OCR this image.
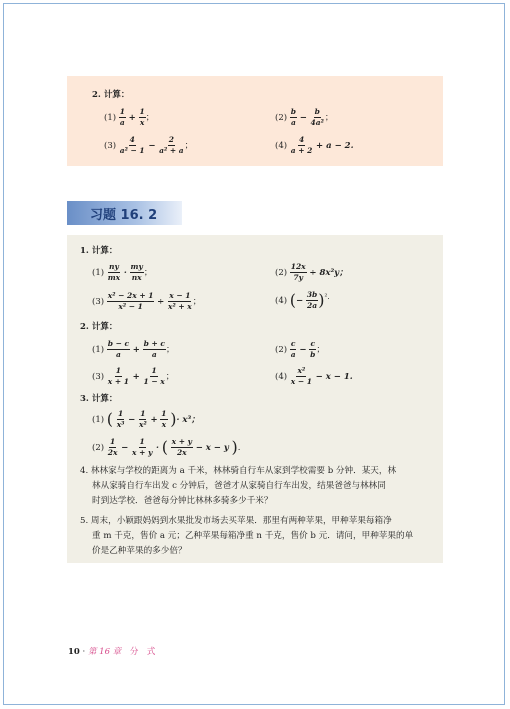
2. 计算：
$(1) \frac{1}{a} + \frac{1}{x}$ ；	$(2) \frac{b}{a} - \frac{b}{\text{4a²}}$ ；
$(3) \frac{4}{\text{a² − 1}} - \frac{2}{\text{a² + a}}$ ；	$(4) \frac{4}{a + 2} + a - 2$.
习题 16. 2
1. 计算：
$(1) \frac{ny}{mx} \cdot \frac{my}{nx}$ ；	$(2) \frac{12x}{7y} \div 8x^2y$；
$(3) \frac{\text{x² − 2x + 1}}{\text{x² − 1}} \div \frac{x - 1}{\text{x² + x}}$ ；	(4) (− $\frac{3b}{2a} )^{^2.}$
2. 计算：
$(1) \frac{b - c}{a} + \frac{b + c}{a}$ ；	$(2) \frac{c}{a} - \frac{c}{b}$ ；
$(3) \frac{1}{x + 1} + \frac{1}{1 - x}$ ；	$(4) \frac{\text{x²}}{x - 1} - x - 1$.
3. 计算：
(1) ( $\frac{1}{\text{x³}} - \frac{1}{\text{x²}} + \frac{1}{x}$ )· x³；
$(2) \frac{1}{2x} - \frac{1}{x + y}$ · ( $\frac{x + y}{2x} - x - y$ ).
4. 林林家与学校的距离为 a 千米，林林骑自行车从家到学校需要 b 分钟．某天，林
林从家骑自行车出发 c 分钟后，爸爸才从家骑自行车出发，结果爸爸与林林同
时到达学校．爸爸每分钟比林林多骑多少千米？
5. 周末，小颖跟妈妈到水果批发市场去买苹果．那里有两种苹果，甲种苹果每箱净
重 m 千克，售价 a 元；乙种苹果每箱净重 n 千克，售价 b 元．请问，甲种苹果的单
价是乙种苹果的多少倍？
10 · 第 16 章 分　式
